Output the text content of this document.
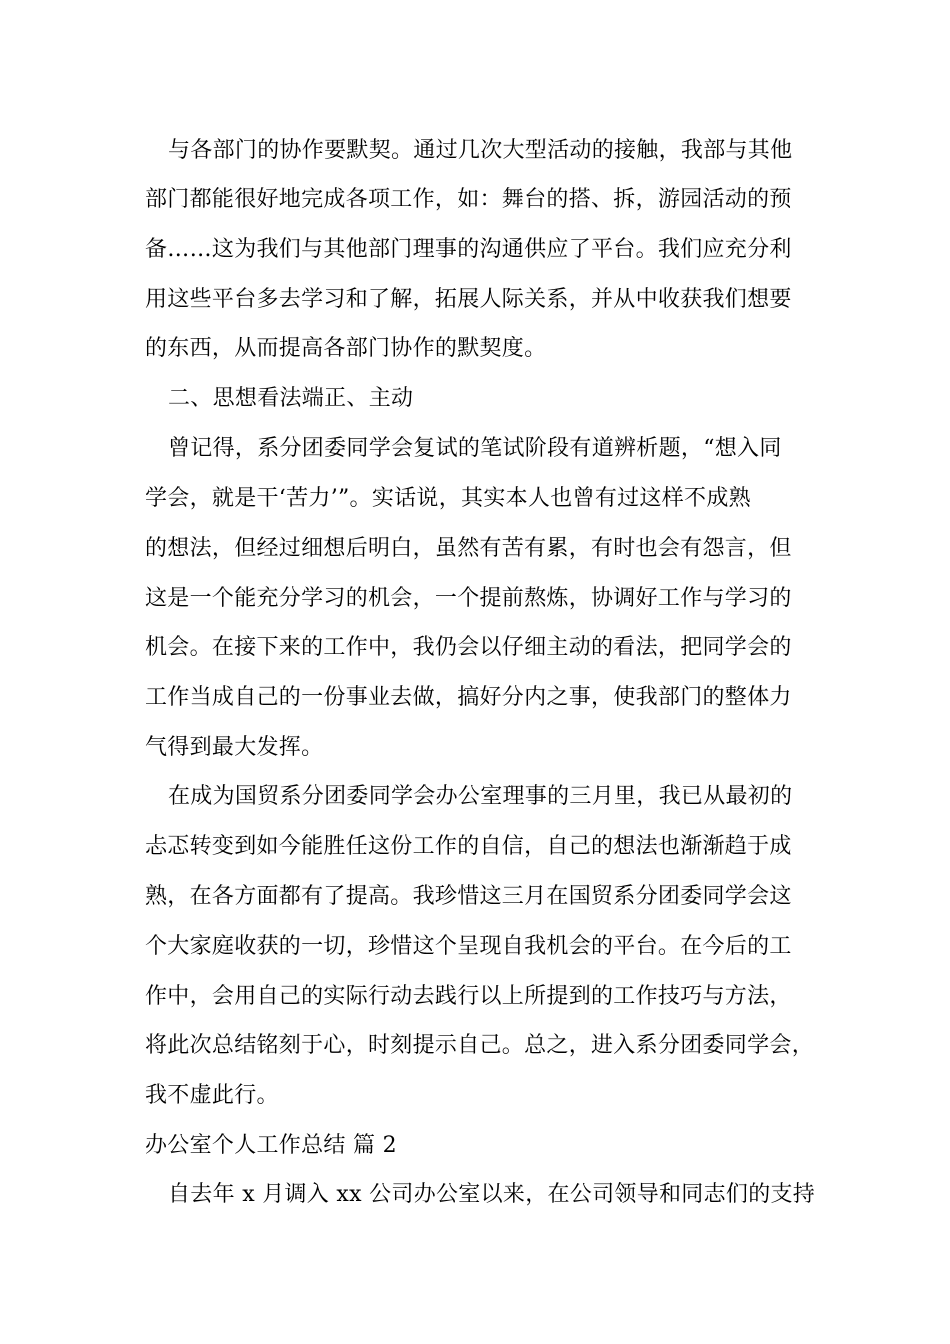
与各部门的协作要默契。通过几次大型活动的接触，我部与其他
部门都能很好地完成各项工作，如：舞台的搭、拆，游园活动的预
备……这为我们与其他部门理事的沟通供应了平台。我们应充分利
用这些平台多去学习和了解，拓展人际关系，并从中收获我们想要
的东西，从而提高各部门协作的默契度。
二、思想看法端正、主动
曾记得，系分团委同学会复试的笔试阶段有道辨析题，“想入同
学会，就是干‘苦力’”。实话说，其实本人也曾有过这样不成熟
的想法，但经过细想后明白，虽然有苦有累，有时也会有怨言，但
这是一个能充分学习的机会，一个提前熬炼，协调好工作与学习的
机会。在接下来的工作中，我仍会以仔细主动的看法，把同学会的
工作当成自己的一份事业去做，搞好分内之事，使我部门的整体力
气得到最大发挥。
在成为国贸系分团委同学会办公室理事的三月里，我已从最初的
忐忑转变到如今能胜任这份工作的自信，自己的想法也渐渐趋于成
熟，在各方面都有了提高。我珍惜这三月在国贸系分团委同学会这
个大家庭收获的一切，珍惜这个呈现自我机会的平台。在今后的工
作中，会用自己的实际行动去践行以上所提到的工作技巧与方法，
将此次总结铭刻于心，时刻提示自己。总之，进入系分团委同学会，
我不虚此行。
办公室个人工作总结 篇 2
自去年 x 月调入 xx 公司办公室以来，在公司领导和同志们的支持
